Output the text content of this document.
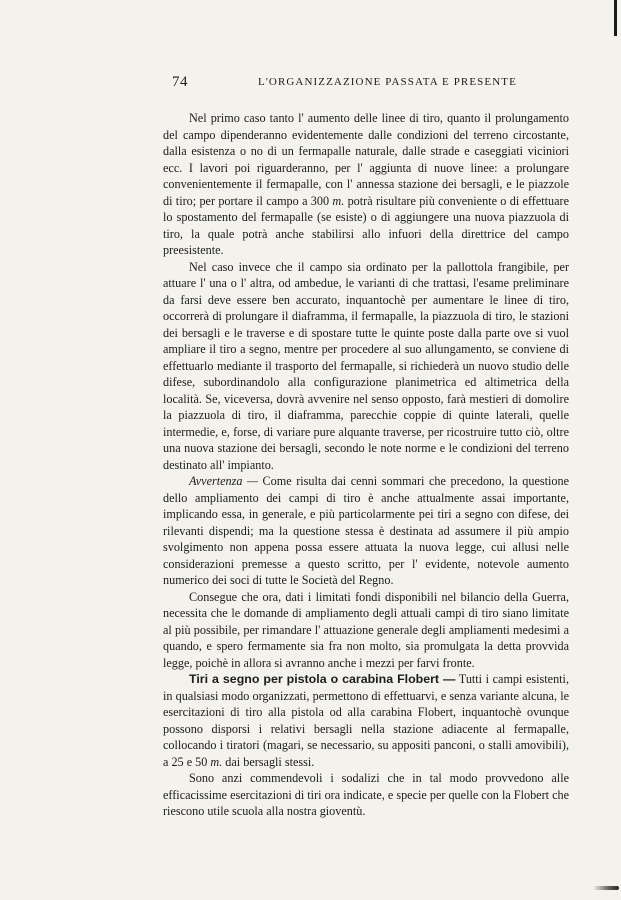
74	L'ORGANIZZAZIONE PASSATA E PRESENTE

Nel primo caso tanto l' aumento delle linee di tiro, quanto il prolungamento del campo dipenderanno evidentemente dalle condizioni del terreno circostante, dalla esistenza o no di un fermapalle naturale, dalle strade e caseggiati viciniori ecc. I lavori poi riguarderanno, per l' aggiunta di nuove linee: a prolungare convenientemente il fermapalle, con l' annessa stazione dei bersagli, e le piazzole di tiro; per portare il campo a 300 m. potrà risultare più conveniente o di effettuare lo spostamento del fermapalle (se esiste) o di aggiungere una nuova piazzuola di tiro, la quale potrà anche stabilirsi allo infuori della direttrice del campo preesistente.

Nel caso invece che il campo sia ordinato per la pallottola frangibile, per attuare l' una o l' altra, od ambedue, le varianti di che trattasi, l'esame preliminare da farsi deve essere ben accurato, inquantochè per aumentare le linee di tiro, occorrerà di prolungare il diaframma, il fermapalle, la piazzuola di tiro, le stazioni dei bersagli e le traverse e di spostare tutte le quinte poste dalla parte ove si vuol ampliare il tiro a segno, mentre per procedere al suo allungamento, se conviene di effettuarlo mediante il trasporto del fermapalle, si richiederà un nuovo studio delle difese, subordinandolo alla configurazione planimetrica ed altimetrica della località. Se, viceversa, dovrà avvenire nel senso opposto, farà mestieri di domolire la piazzuola di tiro, il diaframma, parecchie coppie di quinte laterali, quelle intermedie, e, forse, di variare pure alquante traverse, per ricostruire tutto ciò, oltre una nuova stazione dei bersagli, secondo le note norme e le condizioni del terreno destinato all' impianto.

Avvertenza — Come risulta dai cenni sommari che precedono, la questione dello ampliamento dei campi di tiro è anche attualmente assai importante, implicando essa, in generale, e più particolarmente pei tiri a segno con difese, dei rilevanti dispendi; ma la questione stessa è destinata ad assumere il più ampio svolgimento non appena possa essere attuata la nuova legge, cui allusi nelle considerazioni premesse a questo scritto, per l' evidente, notevole aumento numerico dei soci di tutte le Società del Regno.

Consegue che ora, dati i limitati fondi disponibili nel bilancio della Guerra, necessita che le domande di ampliamento degli attuali campi di tiro siano limitate al più possibile, per rimandare l' attuazione generale degli ampliamenti medesimi a quando, e spero fermamente sia fra non molto, sia promulgata la detta provvida legge, poichè in allora si avranno anche i mezzi per farvi fronte.

Tiri a segno per pistola o carabina Flobert — Tutti i campi esistenti, in qualsiasi modo organizzati, permettono di effettuarvi, e senza variante alcuna, le esercitazioni di tiro alla pistola od alla carabina Flobert, inquantochè ovunque possono disporsi i relativi bersagli nella stazione adiacente al fermapalle, collocando i tiratori (magari, se necessario, su appositi panconi, o stalli amovibili), a 25 e 50 m. dai bersagli stessi.

Sono anzi commendevoli i sodalizi che in tal modo provvedono alle efficacissime esercitazioni di tiri ora indicate, e specie per quelle con la Flobert che riescono utile scuola alla nostra gioventù.
